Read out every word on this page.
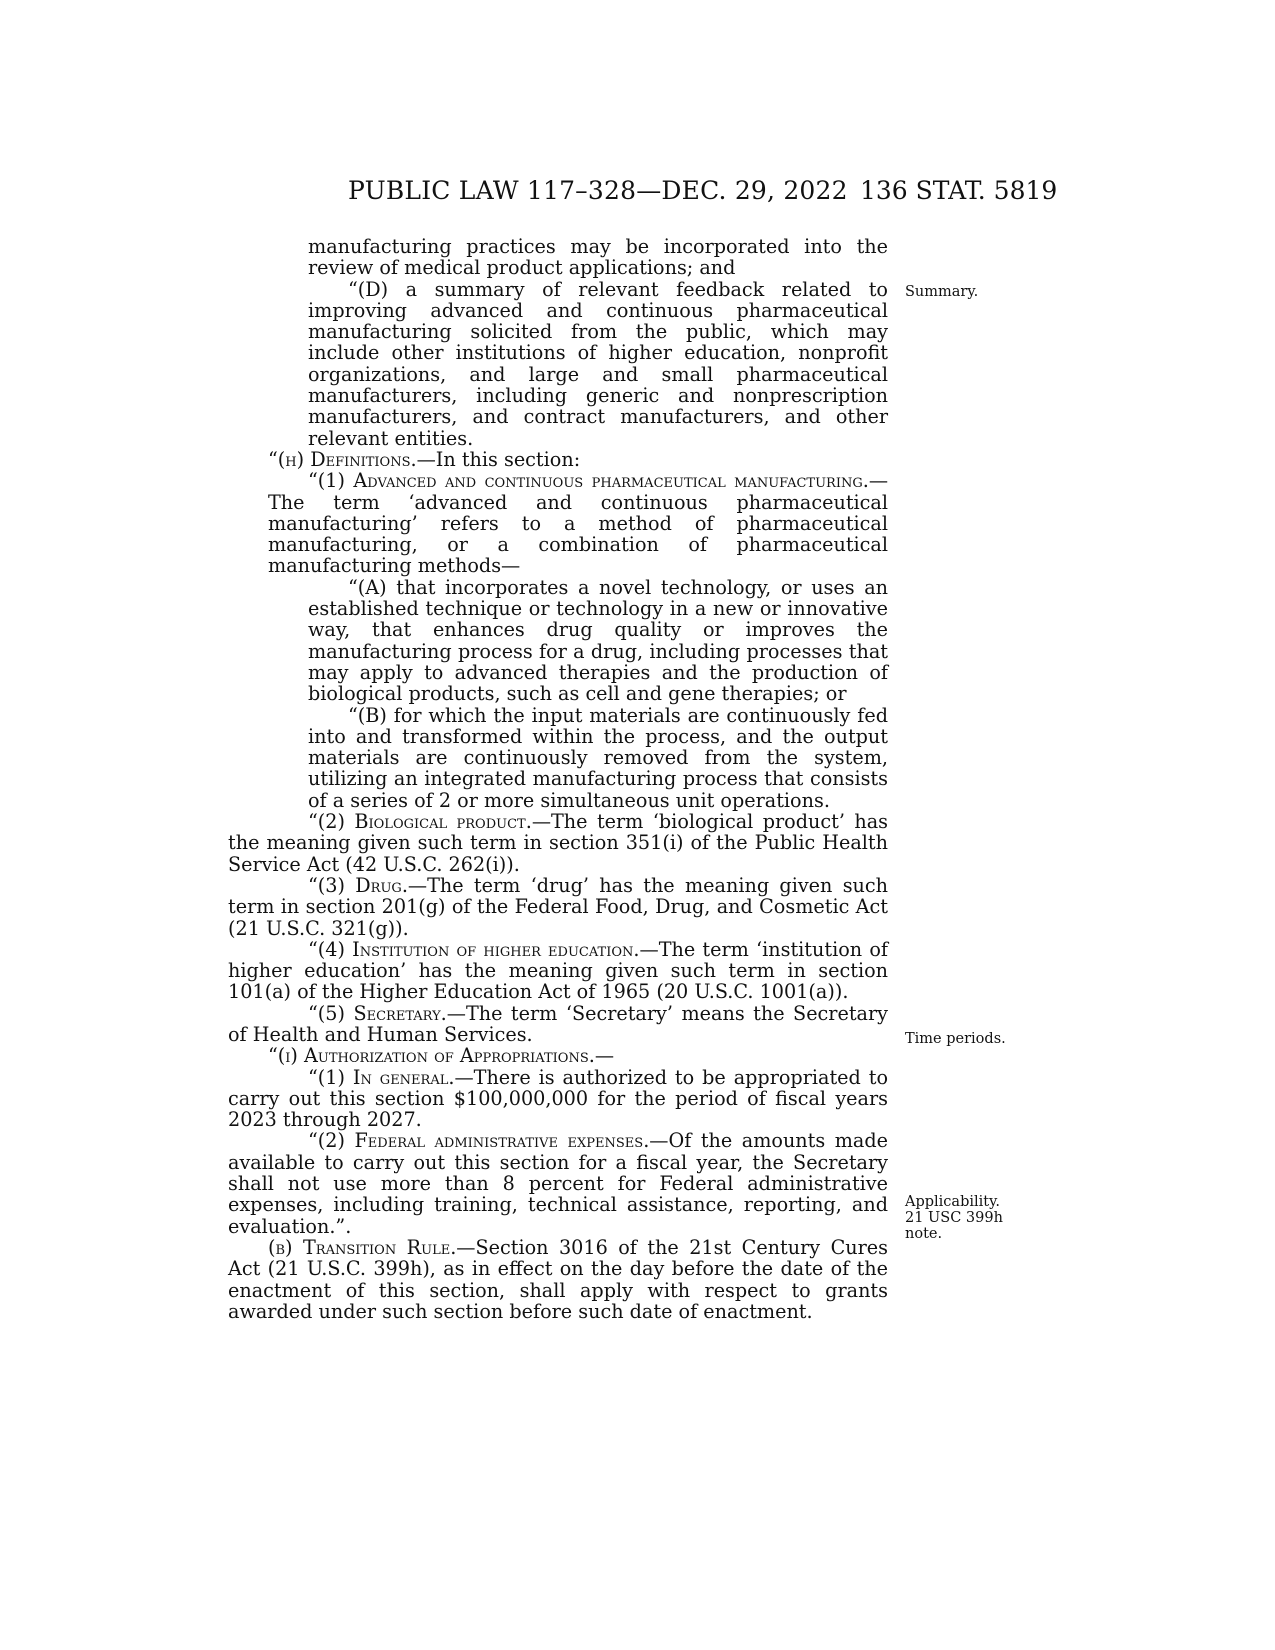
PUBLIC LAW 117–328—DEC. 29, 2022 136 STAT. 5819

manufacturing practices may be incorporated into the review of medical product applications; and

“(D) a summary of relevant feedback related to improving advanced and continuous pharmaceutical manufacturing solicited from the public, which may include other institutions of higher education, nonprofit organizations, and large and small pharmaceutical manufacturers, including generic and nonprescription manufacturers, and contract manufacturers, and other relevant entities.

“(h) Definitions.—In this section:

“(1) Advanced and continuous pharmaceutical manufacturing.—The term ‘advanced and continuous pharmaceutical manufacturing’ refers to a method of pharmaceutical manufacturing, or a combination of pharmaceutical manufacturing methods—

“(A) that incorporates a novel technology, or uses an established technique or technology in a new or innovative way, that enhances drug quality or improves the manufacturing process for a drug, including processes that may apply to advanced therapies and the production of biological products, such as cell and gene therapies; or

“(B) for which the input materials are continuously fed into and transformed within the process, and the output materials are continuously removed from the system, utilizing an integrated manufacturing process that consists of a series of 2 or more simultaneous unit operations.

“(2) Biological product.—The term ‘biological product’ has the meaning given such term in section 351(i) of the Public Health Service Act (42 U.S.C. 262(i)).

“(3) Drug.—The term ‘drug’ has the meaning given such term in section 201(g) of the Federal Food, Drug, and Cosmetic Act (21 U.S.C. 321(g)).

“(4) Institution of higher education.—The term ‘institution of higher education’ has the meaning given such term in section 101(a) of the Higher Education Act of 1965 (20 U.S.C. 1001(a)).

“(5) Secretary.—The term ‘Secretary’ means the Secretary of Health and Human Services.

“(i) Authorization of Appropriations.—

“(1) In general.—There is authorized to be appropriated to carry out this section $100,000,000 for the period of fiscal years 2023 through 2027.

“(2) Federal administrative expenses.—Of the amounts made available to carry out this section for a fiscal year, the Secretary shall not use more than 8 percent for Federal administrative expenses, including training, technical assistance, reporting, and evaluation.”.

(b) Transition Rule.—Section 3016 of the 21st Century Cures Act (21 U.S.C. 399h), as in effect on the day before the date of the enactment of this section, shall apply with respect to grants awarded under such section before such date of enactment.

Summary.
Time periods.
Applicability.
21 USC 399h
note.
